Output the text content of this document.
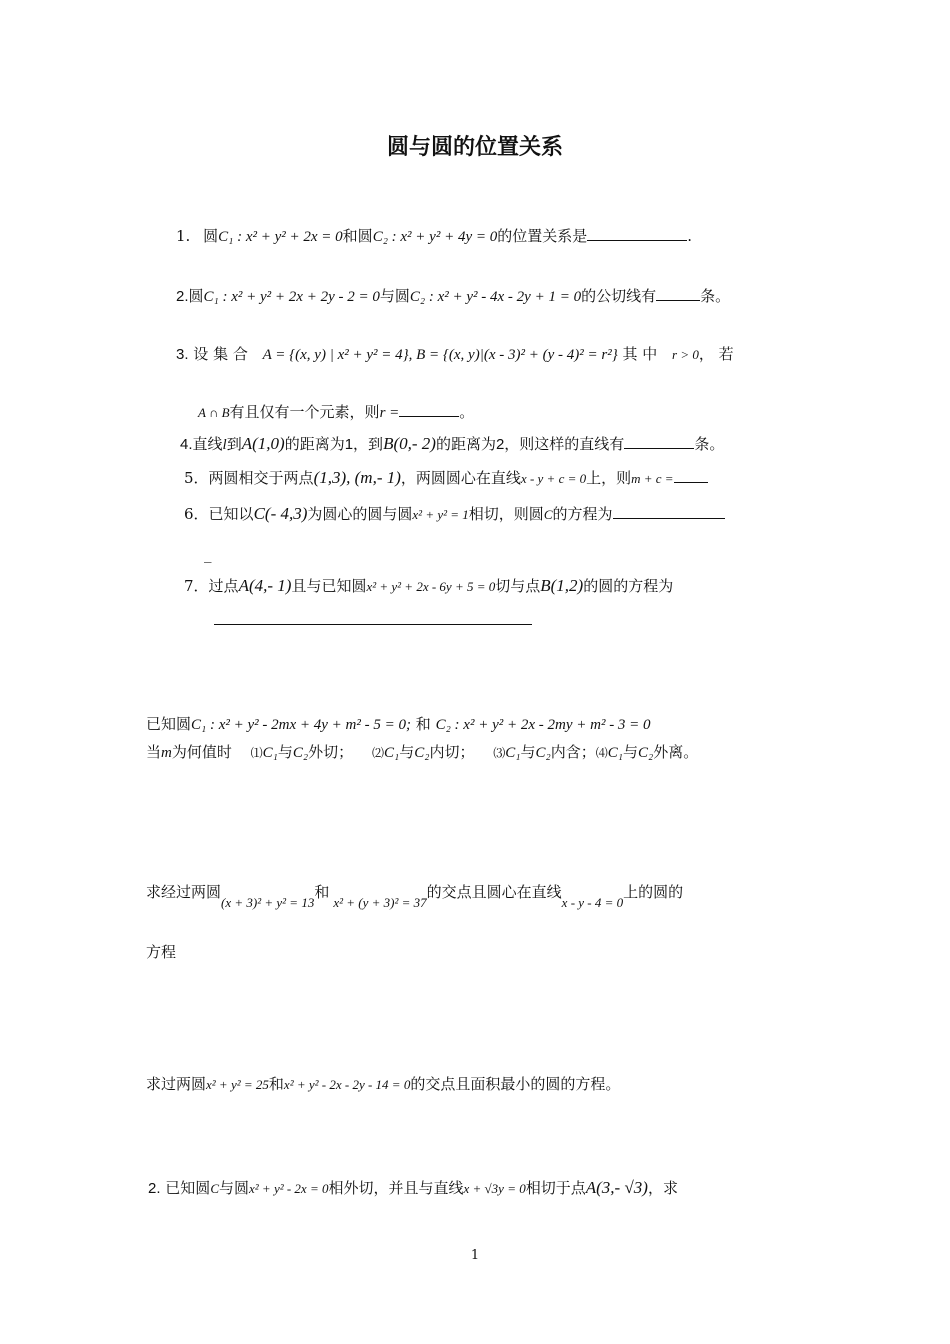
圆与圆的位置关系
1. 圆C₁ : x² + y² + 2x = 0和圆C₂ : x² + y² + 4y = 0的位置关系是	.
2.圆C₁ : x² + y² + 2x + 2y - 2 = 0与圆C₂ : x² + y² - 4x - 2y + 1 = 0的公切线有	条。
3. 设 集 合 A = {(x, y) | x² + y² = 4}, B = {(x, y)|(x - 3)² + (y - 4)² = r²} 其 中 r > 0， 若
A ∩ B有且仅有一个元素，则r =	。
4.直线l到A(1,0)的距离为1，到B(0,- 2)的距离为2，则这样的直线有	条。
5．两圆相交于两点(1,3), (m,- 1)，两圆圆心在直线x - y + c = 0上，则m + c =
6．已知以C(- 4,3)为圆心的圆与圆x² + y² = 1相切，则圆C的方程为
_
7．过点A(4,- 1)且与已知圆x² + y² + 2x - 6y + 5 = 0切与点B(1,2)的圆的方程为
已知圆C₁ : x² + y² - 2mx + 4y + m² - 5 = 0; 和 C₂ : x² + y² + 2x - 2my + m² - 3 = 0
当m为何值时 ⑴C₁与C₂外切； ⑵C₁与C₂内切； ⑶C₁与C₂内含；⑷C₁与C₂外离。
求经过两圆(x + 3)² + y² = 13和x² + (y + 3)² = 37的交点且圆心在直线x - y - 4 = 0上的圆的
方程
求过两圆x² + y² = 25和x² + y² - 2x - 2y - 14 = 0的交点且面积最小的圆的方程。
2. 已知圆C与圆x² + y² - 2x = 0相外切，并且与直线x + √3y = 0相切于点A(3,- √3)，求
1
